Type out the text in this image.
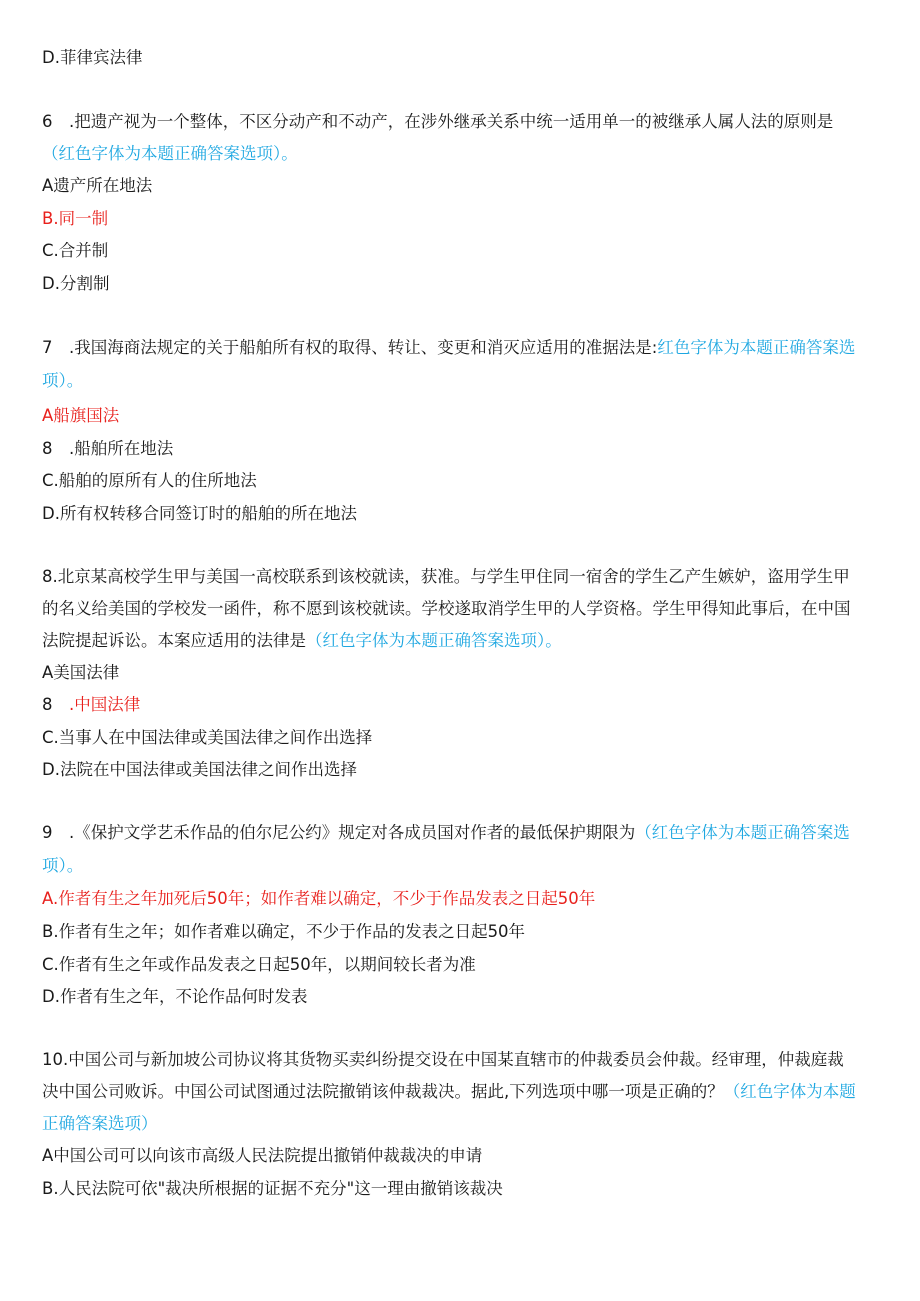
D.菲律宾法律
6　.把遗产视为一个整体，不区分动产和不动产，在涉外继承关系中统一适用单一的被继承人属人法的原则是
（红色字体为本题正确答案选项）。
A遗产所在地法
B.同一制
C.合并制
D.分割制
7　.我国海商法规定的关于船舶所有权的取得、转让、变更和消灭应适用的准据法是:红色字体为本题正确答案选
项）。
A船旗国法
8　.船舶所在地法
C.船舶的原所有人的住所地法
D.所有权转移合同签订时的船舶的所在地法
8.北京某高校学生甲与美国一高校联系到该校就读，获准。与学生甲住同一宿舍的学生乙产生嫉妒，盗用学生甲
的名义给美国的学校发一函件，称不愿到该校就读。学校遂取消学生甲的人学资格。学生甲得知此事后，在中国
法院提起诉讼。本案应适用的法律是（红色字体为本题正确答案选项）。
A美国法律
8　.中国法律
C.当事人在中国法律或美国法律之间作出选择
D.法院在中国法律或美国法律之间作出选择
9　.《保护文学艺禾作品的伯尔尼公约》规定对各成员国对作者的最低保护期限为（红色字体为本题正确答案选
项）。
A.作者有生之年加死后50年；如作者难以确定，不少于作品发表之日起50年
B.作者有生之年；如作者难以确定，不少于作品的发表之日起50年
C.作者有生之年或作品发表之日起50年，以期间较长者为准
D.作者有生之年，不论作品何时发表
10.中国公司与新加坡公司协议将其货物买卖纠纷提交设在中国某直辖市的仲裁委员会仲裁。经审理，仲裁庭裁
决中国公司败诉。中国公司试图通过法院撤销该仲裁裁决。据此,下列选项中哪一项是正确的？（红色字体为本题
正确答案选项）
A中国公司可以向该市高级人民法院提出撤销仲裁裁决的申请
B.人民法院可依"裁决所根据的证据不充分"这一理由撤销该裁决
